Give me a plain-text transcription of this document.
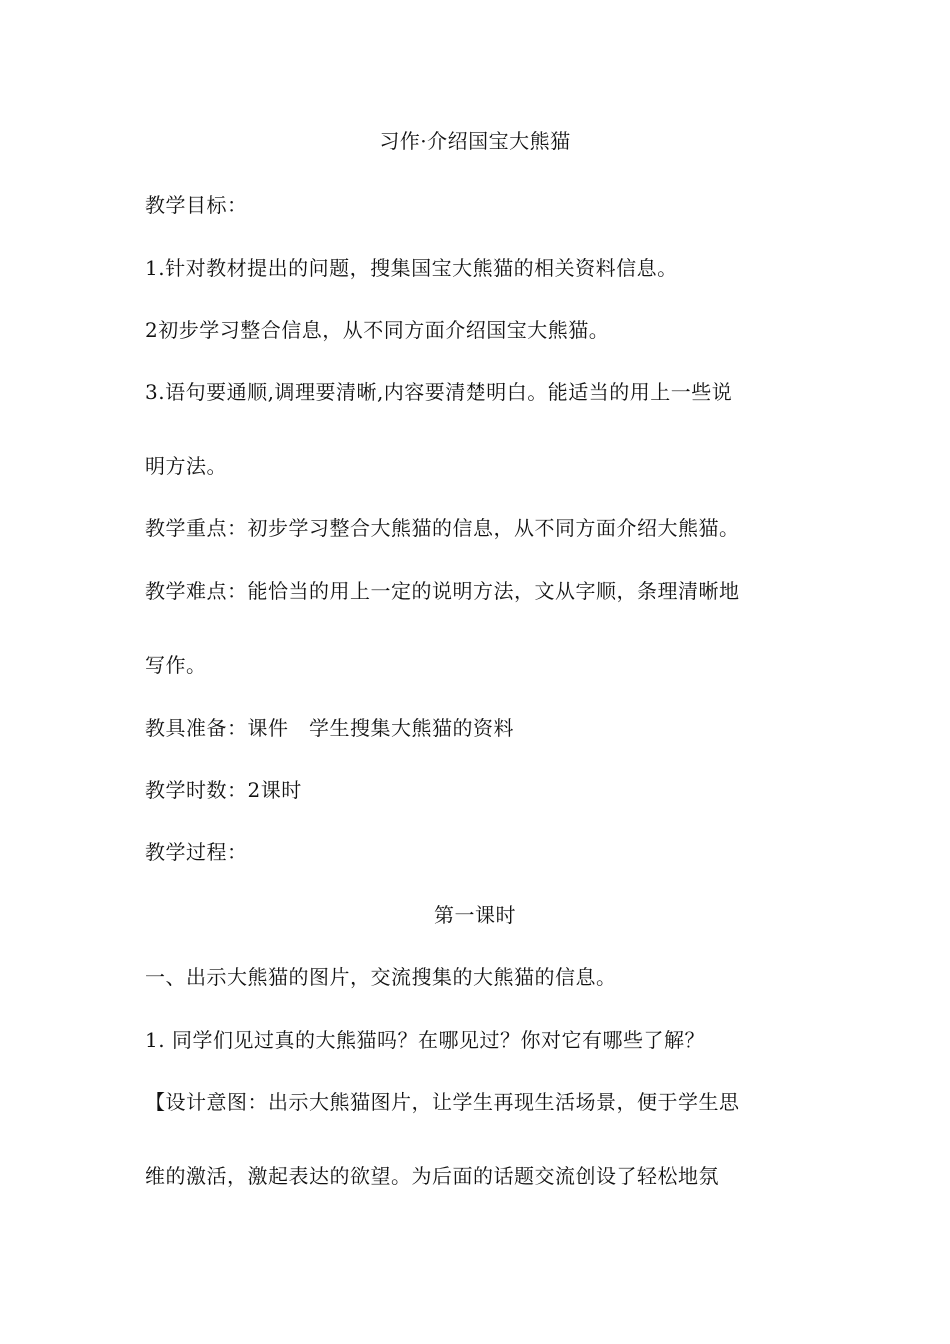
习作·介绍国宝大熊猫
教学目标：
1.针对教材提出的问题，搜集国宝大熊猫的相关资料信息。
2初步学习整合信息，从不同方面介绍国宝大熊猫。
3.语句要通顺,调理要清晰,内容要清楚明白。能适当的用上一些说
明方法。
教学重点：初步学习整合大熊猫的信息，从不同方面介绍大熊猫。
教学难点：能恰当的用上一定的说明方法，文从字顺，条理清晰地
写作。
教具准备：课件　学生搜集大熊猫的资料
教学时数：2课时
教学过程：
第一课时
一、出示大熊猫的图片，交流搜集的大熊猫的信息。
1. 同学们见过真的大熊猫吗？在哪见过？你对它有哪些了解？
【设计意图：出示大熊猫图片，让学生再现生活场景，便于学生思
维的激活，激起表达的欲望。为后面的话题交流创设了轻松地氛
